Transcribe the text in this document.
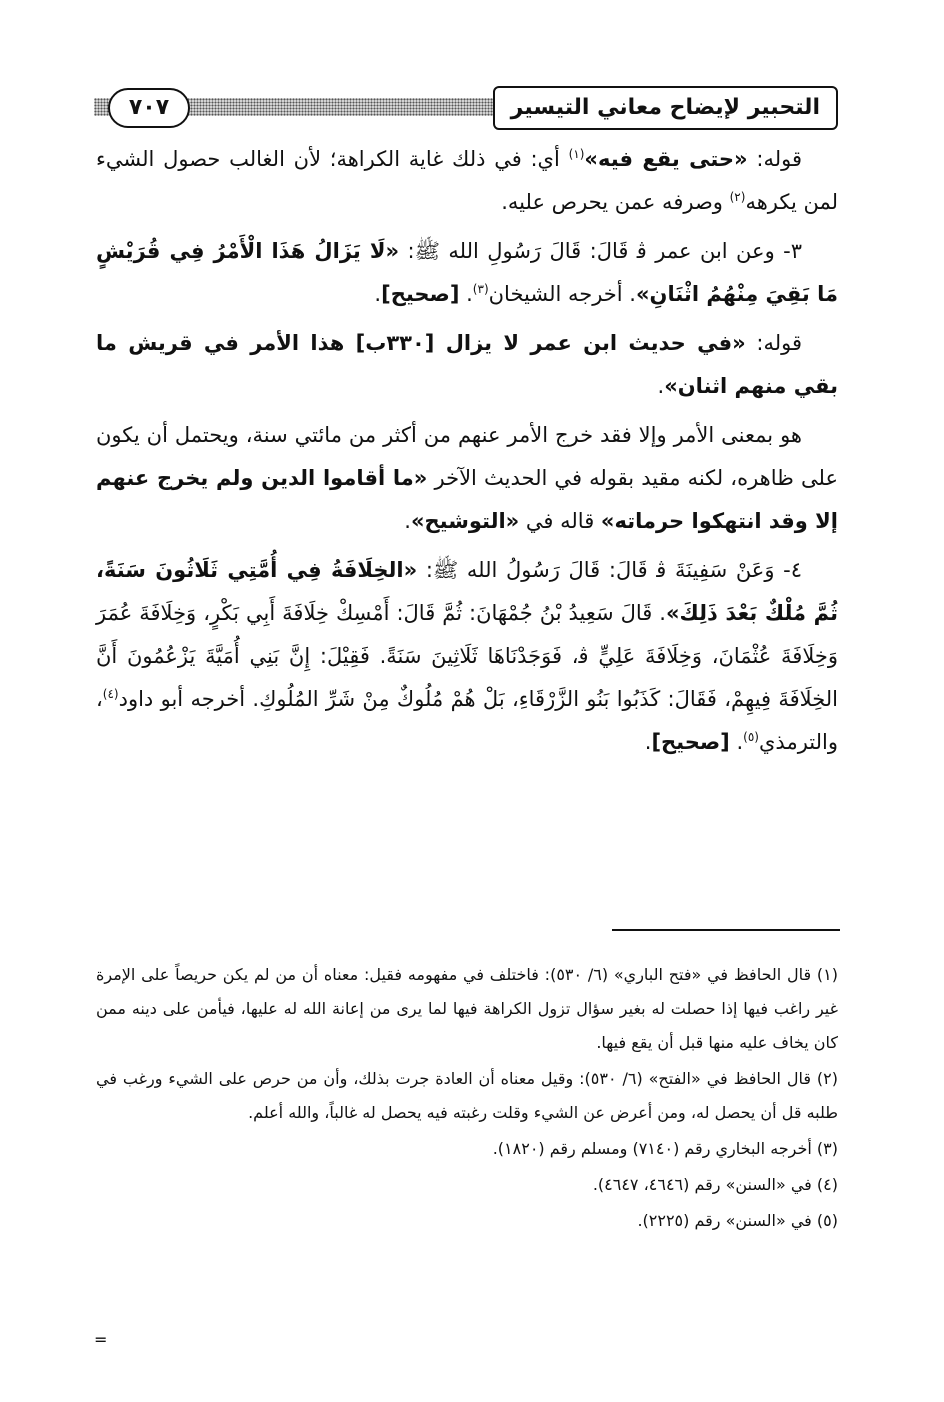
التحبير لإيضاح معاني التيسير
٧٠٧

قوله: «حتى يقع فيه»$^{(١)}$ أي: في ذلك غاية الكراهة؛ لأن الغالب حصول الشيء لمن يكرهه$^{(٢)}$ وصرفه عمن يحرص عليه.

٣- وعن ابن عمر ﭬ قَالَ: قَالَ رَسُولِ الله ﷺ: «لَا يَزَالُ هَذَا الْأَمْرُ فِي قُرَيْشٍ مَا بَقِيَ مِنْهُمُ اثْنَانِ». أخرجه الشيخان$^{(٣)}$. [صحيح].

قوله: «في حديث ابن عمر لا يزال [٣٣٠ب] هذا الأمر في قريش ما بقي منهم اثنان».

هو بمعنى الأمر وإلا فقد خرج الأمر عنهم من أكثر من مائتي سنة، ويحتمل أن يكون على ظاهره، لكنه مقيد بقوله في الحديث الآخر «ما أقاموا الدين ولم يخرج عنهم إلا وقد انتهكوا حرماته» قاله في «التوشيح».

٤- وَعَنْ سَفِينَةَ ﭬ قَالَ: قَالَ رَسُولُ الله ﷺ: «الخِلَافَةُ فِي أُمَّتِي ثَلَاثُونَ سَنَةً، ثُمَّ مُلْكٌ بَعْدَ ذَلِكَ». قَالَ سَعِيدُ بْنُ جُمْهَانَ: ثُمَّ قَالَ: أَمْسِكْ خِلَافَةَ أَبِي بَكْرٍ، وَخِلَافَةَ عُمَرَ وَخِلَافَةَ عُثْمَانَ، وَخِلَافَةَ عَلِيٍّ ﭬ، فَوَجَدْنَاهَا ثَلَاثِينَ سَنَةً. فَقِيْلَ: إِنَّ بَنِي أُمَيَّةَ يَزْعُمُونَ أَنَّ الخِلَافَةَ فِيهِمْ، فَقَالَ: كَذَبُوا بَنُو الزَّرْقَاءِ، بَلْ هُمْ مُلُوكٌ مِنْ شَرِّ المُلُوكِ. أخرجه أبو داود$^{(٤)}$، والترمذي$^{(٥)}$. [صحيح].

(١) قال الحافظ في «فتح الباري» (٦/ ٥٣٠): فاختلف في مفهومه فقيل: معناه أن من لم يكن حريصاً على الإمرة غير راغب فيها إذا حصلت له بغير سؤال تزول الكراهة فيها لما يرى من إعانة الله له عليها، فيأمن على دينه ممن كان يخاف عليه منها قبل أن يقع فيها.

(٢) قال الحافظ في «الفتح» (٦/ ٥٣٠): وقيل معناه أن العادة جرت بذلك، وأن من حرص على الشيء ورغب في طلبه قل أن يحصل له، ومن أعرض عن الشيء وقلت رغبته فيه يحصل له غالباً، والله أعلم.

(٣) أخرجه البخاري رقم (٧١٤٠) ومسلم رقم (١٨٢٠).

(٤) في «السنن» رقم (٤٦٤٦، ٤٦٤٧).

(٥) في «السنن» رقم (٢٢٢٥).

=
